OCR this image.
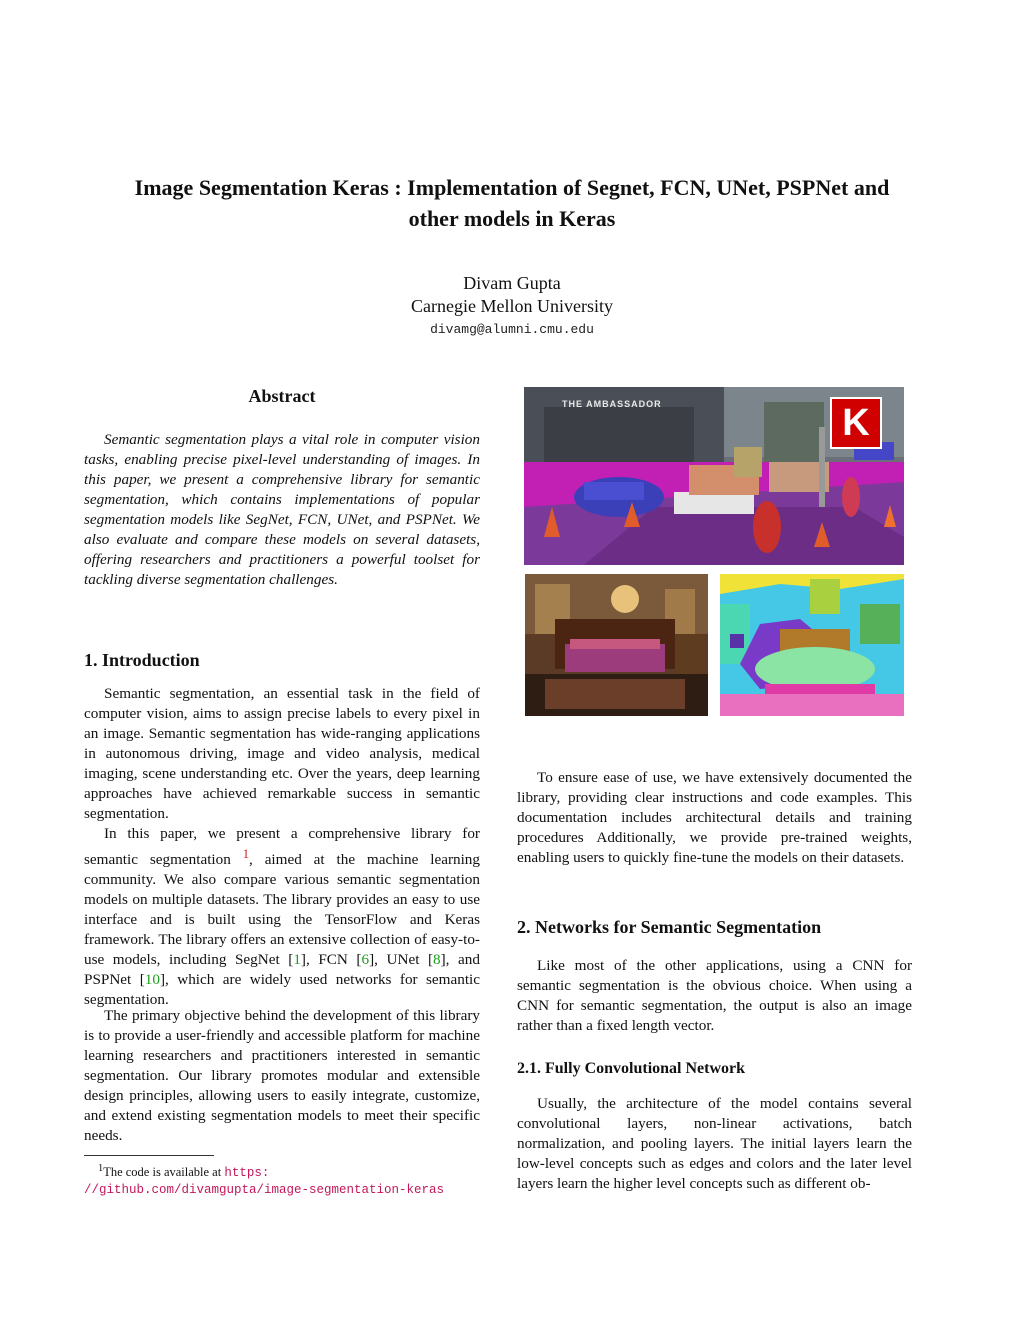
Image Segmentation Keras : Implementation of Segnet, FCN, UNet, PSPNet and
other models in Keras
Divam Gupta
Carnegie Mellon University
divamg@alumni.cmu.edu
Abstract

Semantic segmentation plays a vital role in computer vision tasks, enabling precise pixel-level understanding of images. In this paper, we present a comprehensive library for semantic segmentation, which contains implementations of popular segmentation models like SegNet, FCN, UNet, and PSPNet. We also evaluate and compare these models on several datasets, offering researchers and practitioners a powerful toolset for tackling diverse segmentation challenges.

1. Introduction

Semantic segmentation, an essential task in the field of computer vision, aims to assign precise labels to every pixel in an image. Semantic segmentation has wide-ranging applications in autonomous driving, image and video analysis, medical imaging, scene understanding etc. Over the years, deep learning approaches have achieved remarkable success in semantic segmentation.

In this paper, we present a comprehensive library for semantic segmentation $^1$, aimed at the machine learning community. We also compare various semantic segmentation models on multiple datasets. The library provides an easy to use interface and is built using the TensorFlow and Keras framework. The library offers an extensive collection of easy-to-use models, including SegNet [1], FCN [6], UNet [8], and PSPNet [10], which are widely used networks for semantic segmentation.

The primary objective behind the development of this library is to provide a user-friendly and accessible platform for machine learning researchers and practitioners interested in semantic segmentation. Our library promotes modular and extensible design principles, allowing users to easily integrate, customize, and extend existing segmentation models to meet their specific needs.

$^1$The code is available at https:
//github.com/divamgupta/image-segmentation-keras
THE AMBASSADOR	K

To ensure ease of use, we have extensively documented the library, providing clear instructions and code examples. This documentation includes architectural details and training procedures Additionally, we provide pre-trained weights, enabling users to quickly fine-tune the models on their datasets.

2. Networks for Semantic Segmentation

Like most of the other applications, using a CNN for semantic segmentation is the obvious choice. When using a CNN for semantic segmentation, the output is also an image rather than a fixed length vector.

2.1. Fully Convolutional Network

Usually, the architecture of the model contains several convolutional layers, non-linear activations, batch normalization, and pooling layers. The initial layers learn the low-level concepts such as edges and colors and the later level layers learn the higher level concepts such as different ob-
